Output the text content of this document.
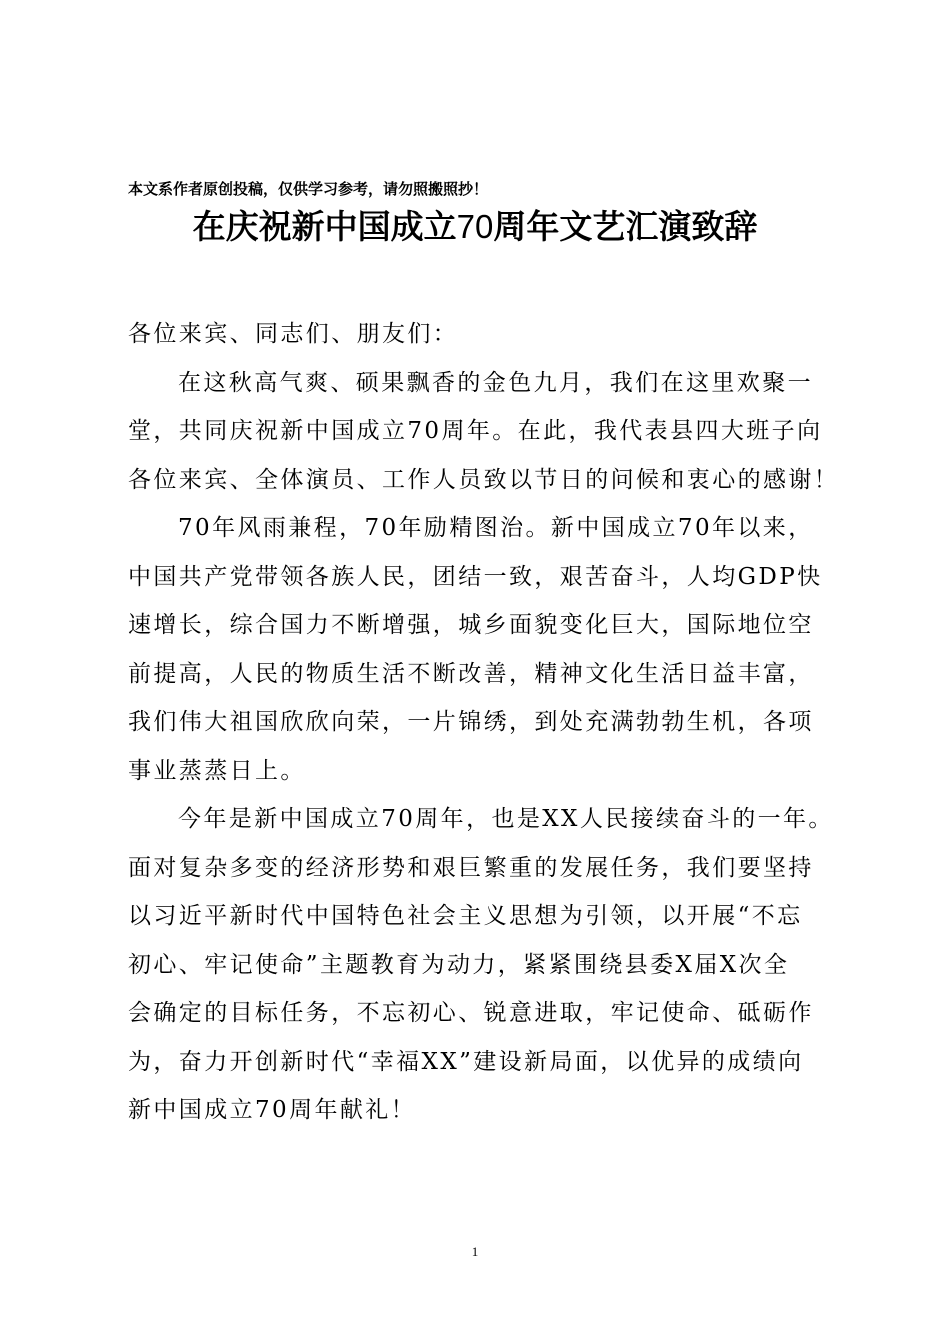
本文系作者原创投稿，仅供学习参考，请勿照搬照抄！
在庆祝新中国成立70周年文艺汇演致辞

各位来宾、同志们、朋友们：

在这秋高气爽、硕果飘香的金色九月，我们在这里欢聚一
堂，共同庆祝新中国成立70周年。在此，我代表县四大班子向
各位来宾、全体演员、工作人员致以节日的问候和衷心的感谢！

70年风雨兼程，70年励精图治。新中国成立70年以来，
中国共产党带领各族人民，团结一致，艰苦奋斗，人均GDP快
速增长，综合国力不断增强，城乡面貌变化巨大，国际地位空
前提高，人民的物质生活不断改善，精神文化生活日益丰富，
我们伟大祖国欣欣向荣，一片锦绣，到处充满勃勃生机，各项
事业蒸蒸日上。

今年是新中国成立70周年，也是XX人民接续奋斗的一年。
面对复杂多变的经济形势和艰巨繁重的发展任务，我们要坚持
以习近平新时代中国特色社会主义思想为引领，以开展“不忘
初心、牢记使命”主题教育为动力，紧紧围绕县委X届X次全
会确定的目标任务，不忘初心、锐意进取，牢记使命、砥砺作
为，奋力开创新时代“幸福XX”建设新局面，以优异的成绩向
新中国成立70周年献礼！

1
